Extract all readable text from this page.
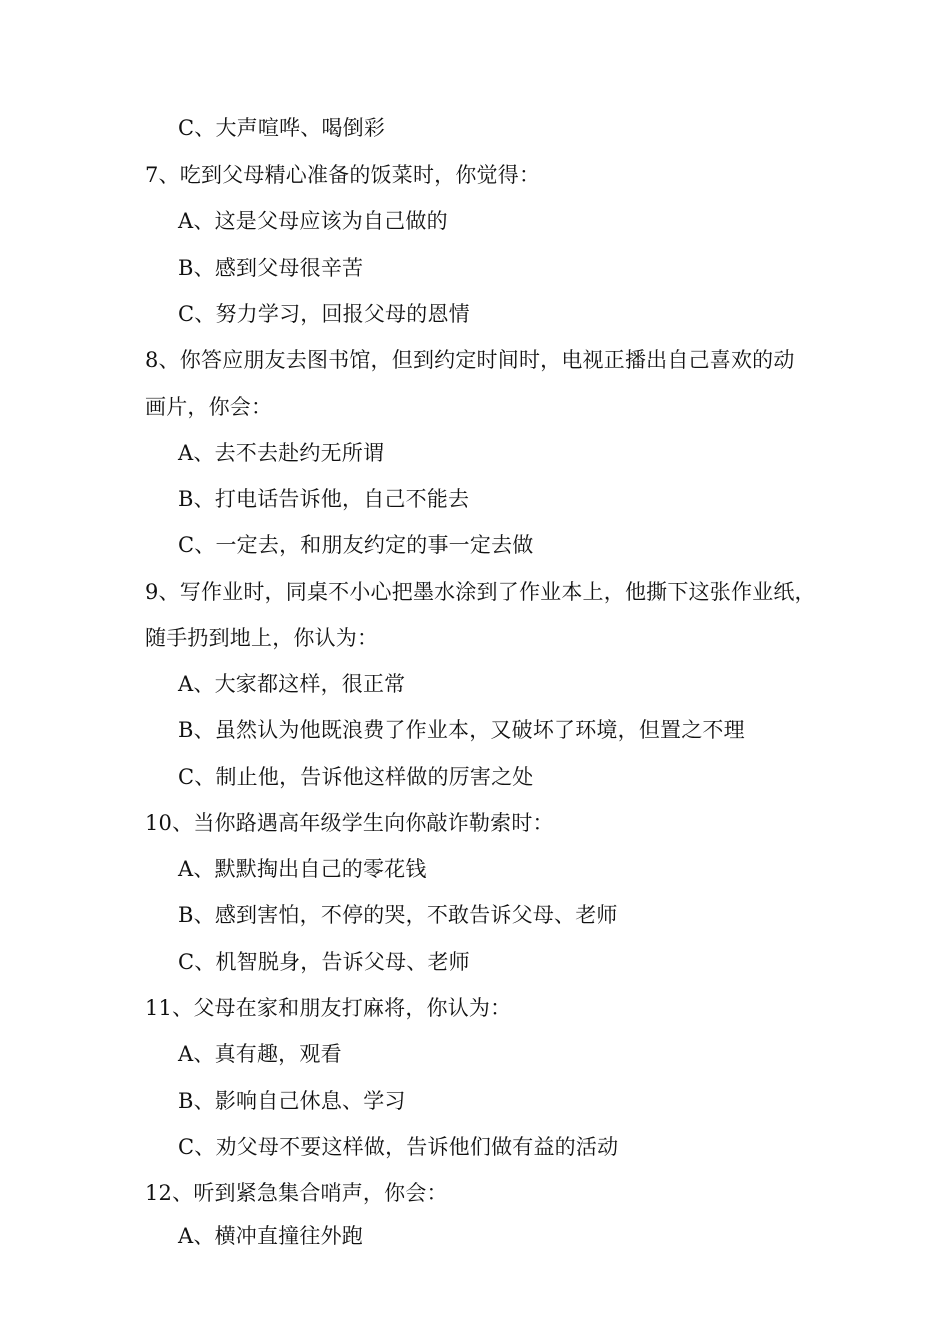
C、大声喧哗、喝倒彩
7、吃到父母精心准备的饭菜时，你觉得：
A、这是父母应该为自己做的
B、感到父母很辛苦
C、努力学习，回报父母的恩情
8、你答应朋友去图书馆，但到约定时间时，电视正播出自己喜欢的动
画片，你会：
A、去不去赴约无所谓
B、打电话告诉他，自己不能去
C、一定去，和朋友约定的事一定去做
9、写作业时，同桌不小心把墨水涂到了作业本上，他撕下这张作业纸，
随手扔到地上，你认为：
A、大家都这样，很正常
B、虽然认为他既浪费了作业本，又破坏了环境，但置之不理
C、制止他，告诉他这样做的厉害之处
10、当你路遇高年级学生向你敲诈勒索时：
A、默默掏出自己的零花钱
B、感到害怕，不停的哭，不敢告诉父母、老师
C、机智脱身，告诉父母、老师
11、父母在家和朋友打麻将，你认为：
A、真有趣，观看
B、影响自己休息、学习
C、劝父母不要这样做，告诉他们做有益的活动
12、听到紧急集合哨声，你会：
A、横冲直撞往外跑
